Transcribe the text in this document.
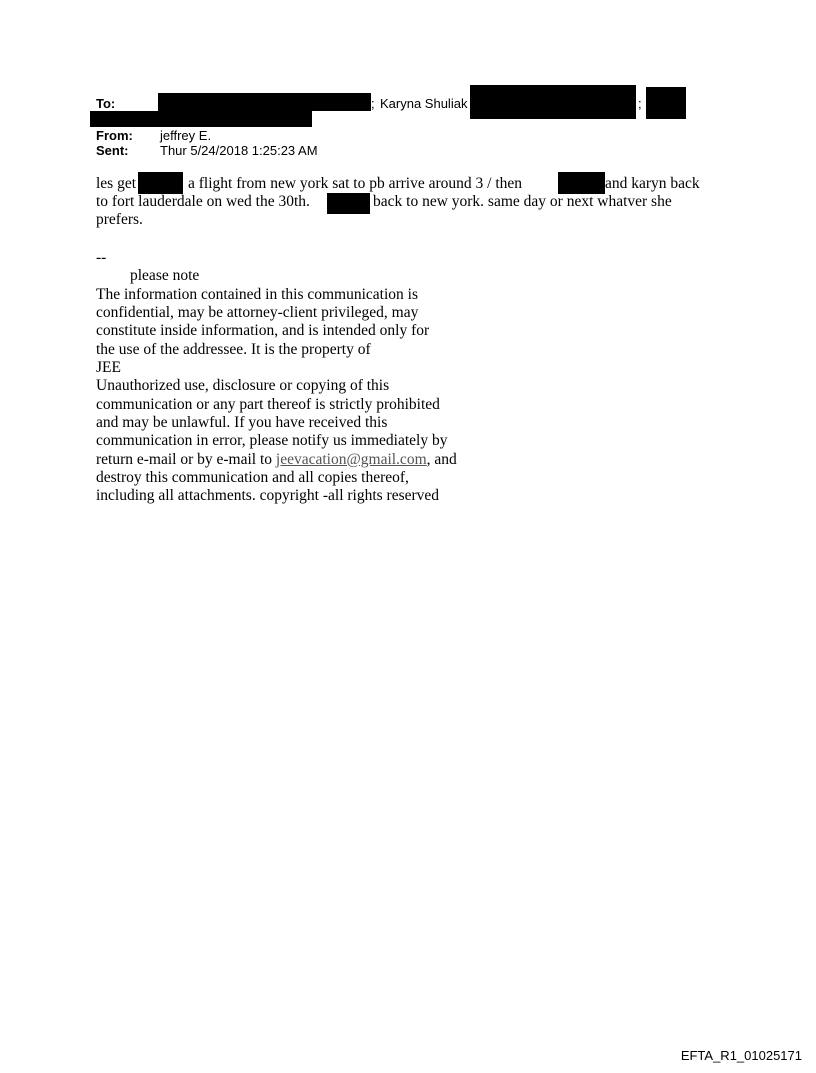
To:	; Karyna Shuliak	;
From: jeffrey E.
Sent: Thur 5/24/2018 1:25:23 AM
les get	a flight from new york sat to pb arrive around 3 / then	and karyn back
to fort lauderdale on wed the 30th.	back to new york. same day or next whatver she
prefers.
--
please note
The information contained in this communication is
confidential, may be attorney-client privileged, may
constitute inside information, and is intended only for
the use of the addressee. It is the property of
JEE
Unauthorized use, disclosure or copying of this
communication or any part thereof is strictly prohibited
and may be unlawful. If you have received this
communication in error, please notify us immediately by
return e-mail or by e-mail to jeevacation@gmail.com, and
destroy this communication and all copies thereof,
including all attachments. copyright -all rights reserved
EFTA_R1_01025171
